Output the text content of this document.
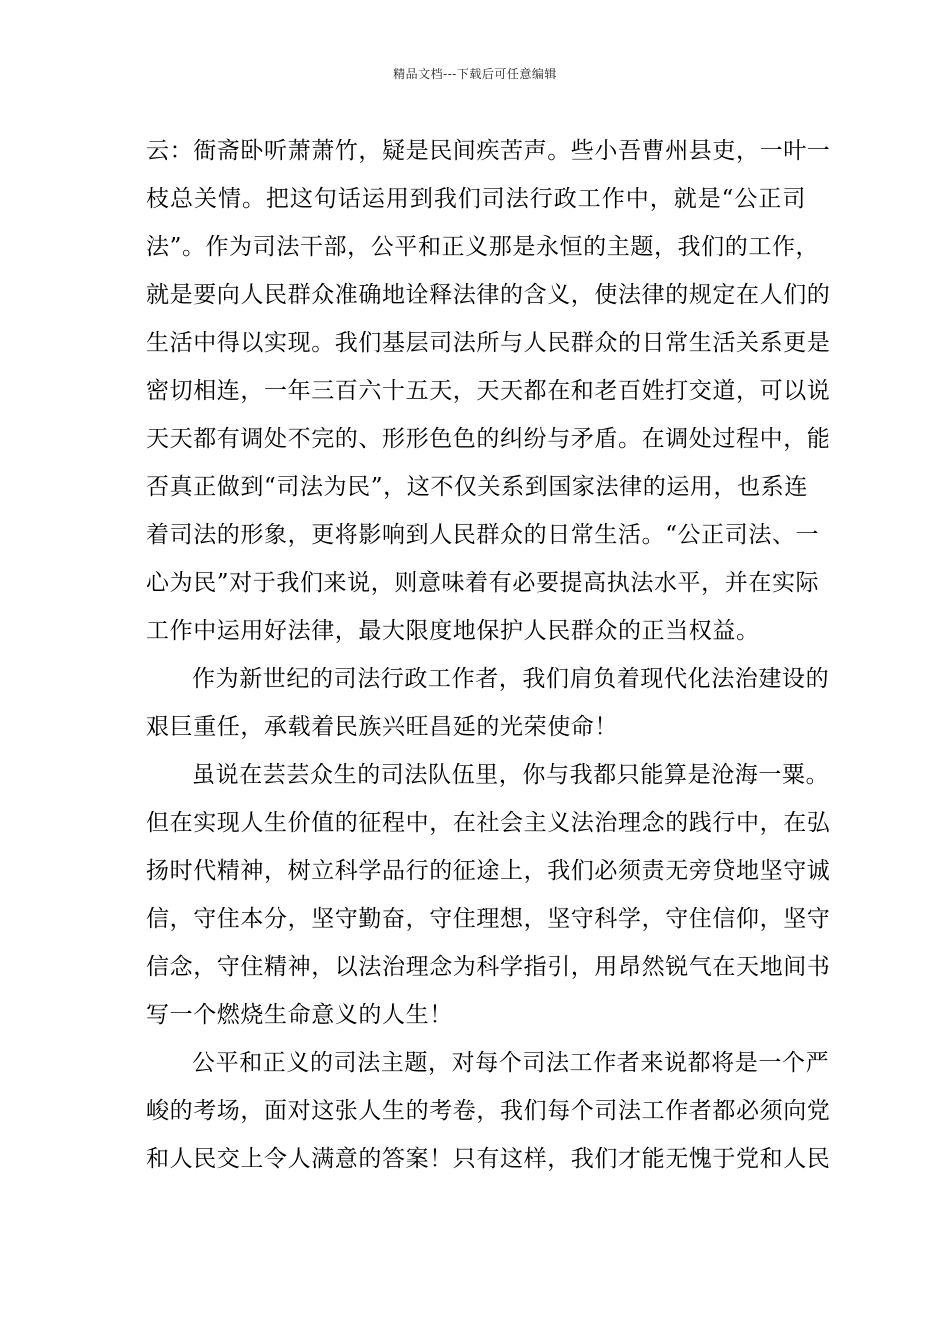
精品文档---下载后可任意编辑
云：衙斋卧听萧萧竹，疑是民间疾苦声。些小吾曹州县吏，一叶一
枝总关情。把这句话运用到我们司法行政工作中，就是“公正司
法”。作为司法干部，公平和正义那是永恒的主题，我们的工作，
就是要向人民群众准确地诠释法律的含义，使法律的规定在人们的
生活中得以实现。我们基层司法所与人民群众的日常生活关系更是
密切相连，一年三百六十五天，天天都在和老百姓打交道，可以说
天天都有调处不完的、形形色色的纠纷与矛盾。在调处过程中，能
否真正做到“司法为民”，这不仅关系到国家法律的运用，也系连
着司法的形象，更将影响到人民群众的日常生活。“公正司法、一
心为民”对于我们来说，则意味着有必要提高执法水平，并在实际
工作中运用好法律，最大限度地保护人民群众的正当权益。
作为新世纪的司法行政工作者，我们肩负着现代化法治建设的
艰巨重任，承载着民族兴旺昌延的光荣使命！
虽说在芸芸众生的司法队伍里，你与我都只能算是沧海一粟。
但在实现人生价值的征程中，在社会主义法治理念的践行中，在弘
扬时代精神，树立科学品行的征途上，我们必须责无旁贷地坚守诚
信，守住本分，坚守勤奋，守住理想，坚守科学，守住信仰，坚守
信念，守住精神，以法治理念为科学指引，用昂然锐气在天地间书
写一个燃烧生命意义的人生！
公平和正义的司法主题，对每个司法工作者来说都将是一个严
峻的考场，面对这张人生的考卷，我们每个司法工作者都必须向党
和人民交上令人满意的答案！只有这样，我们才能无愧于党和人民
